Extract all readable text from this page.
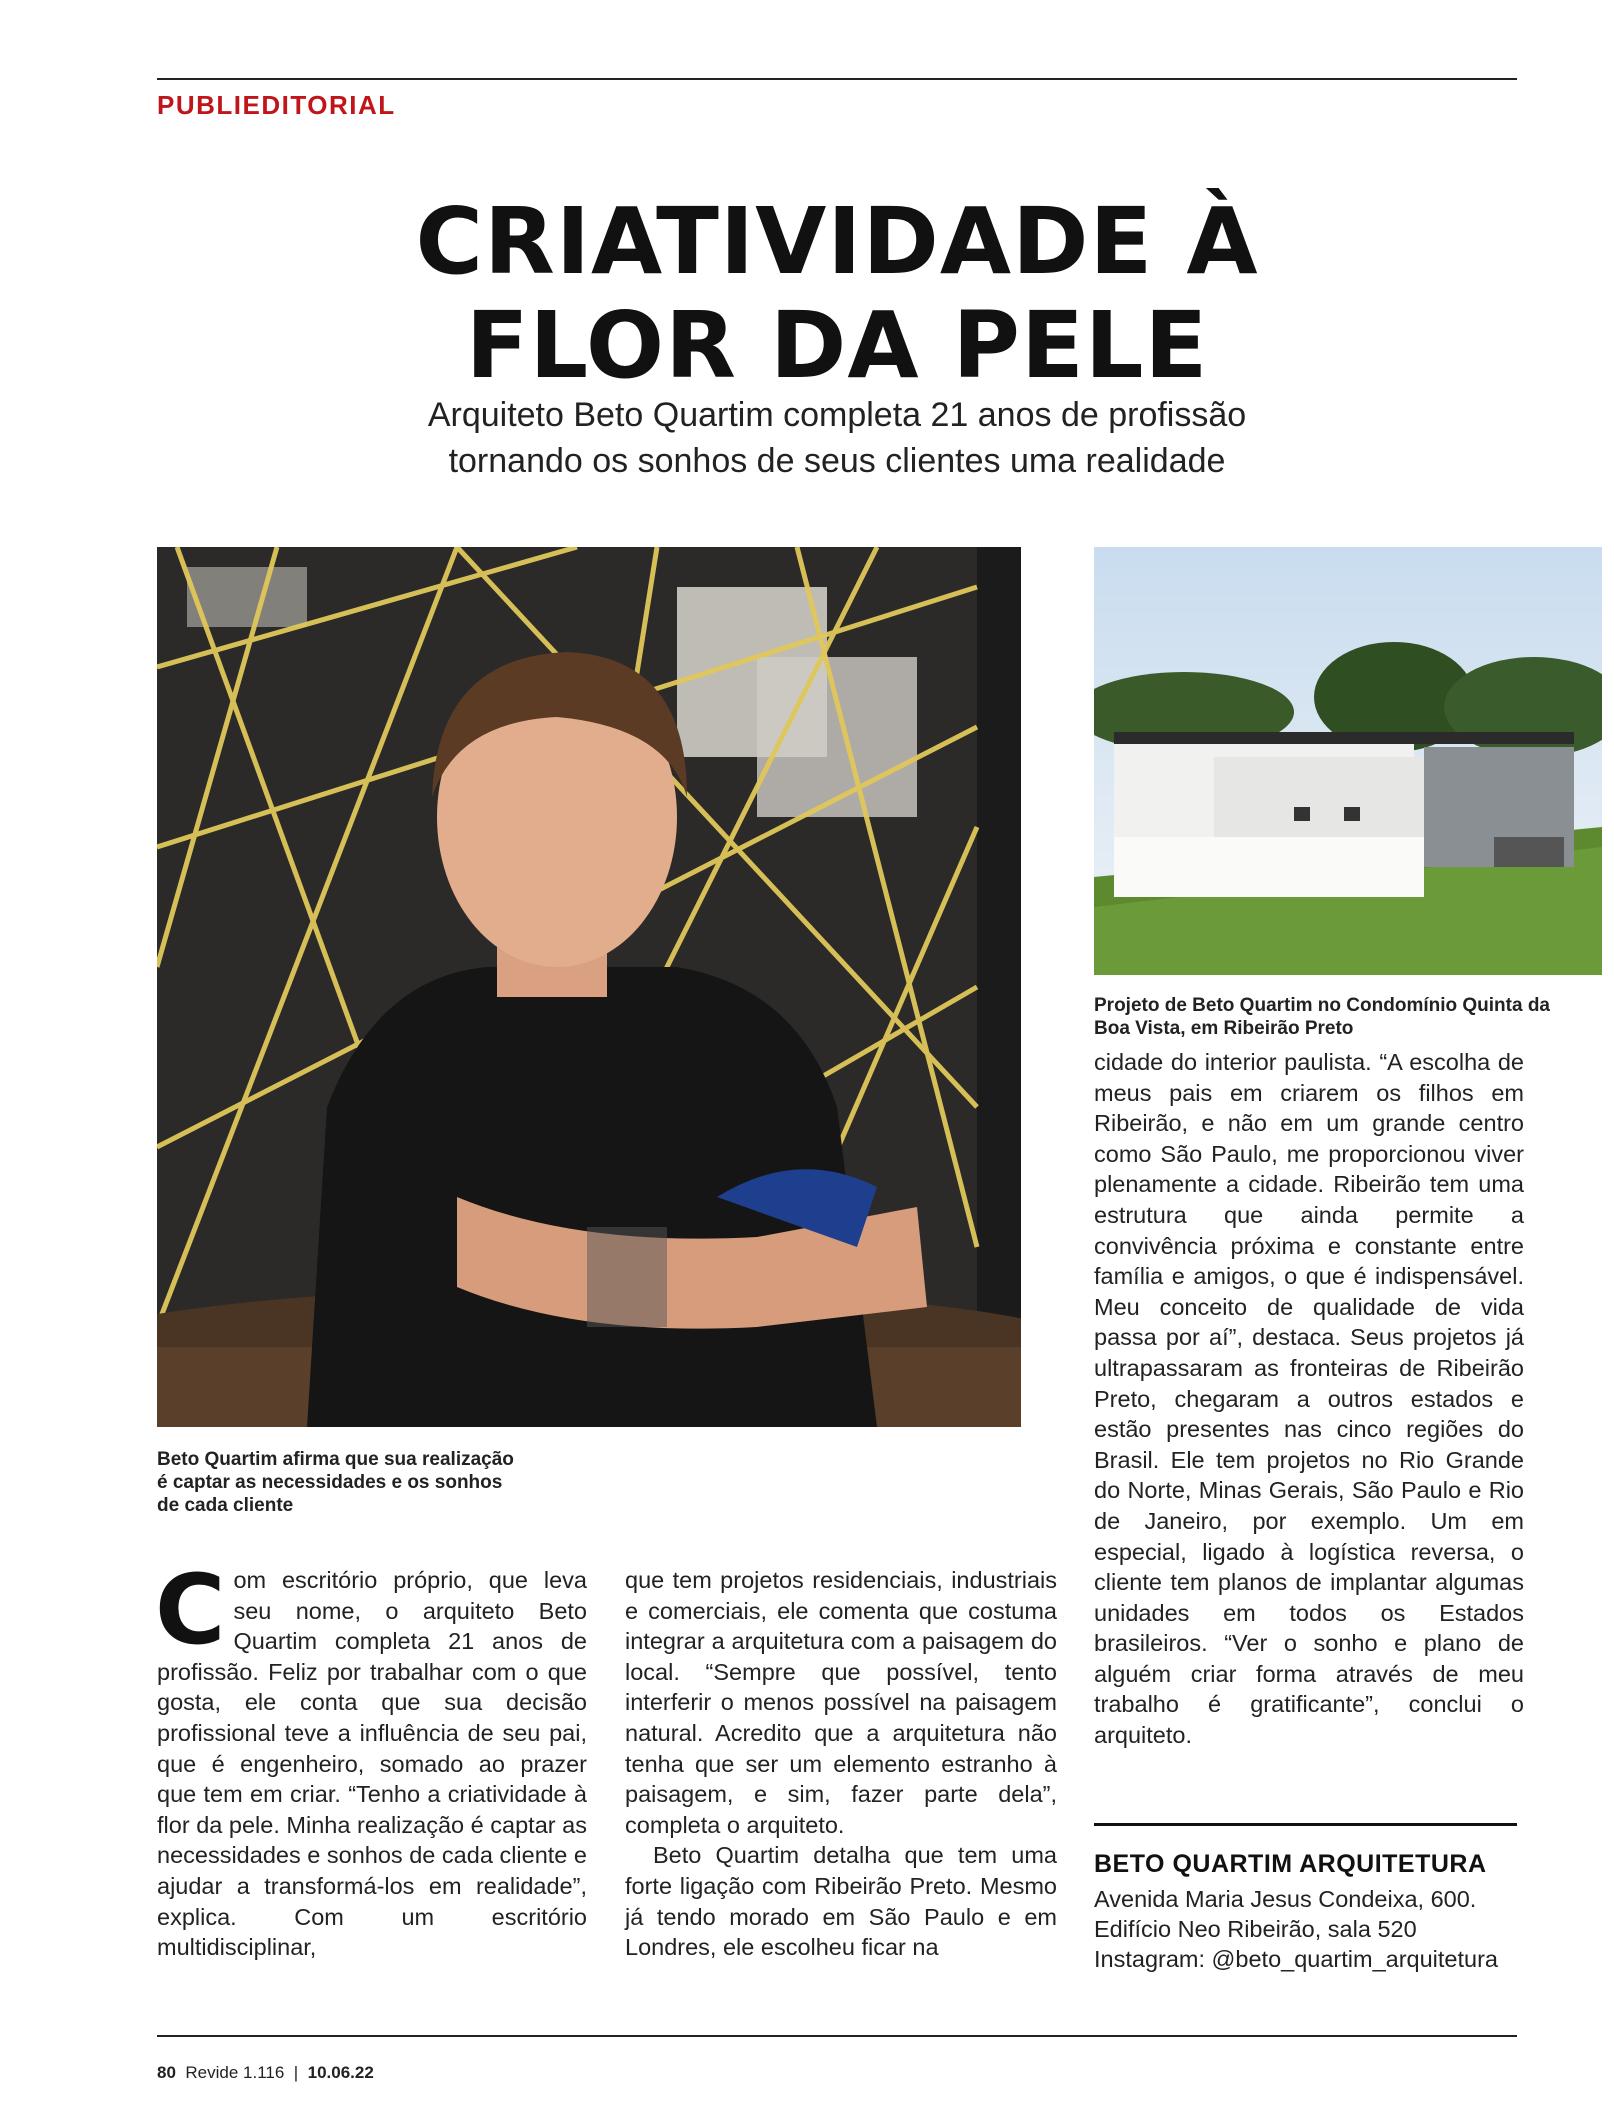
PUBLIEDITORIAL
CRIATIVIDADE À
FLOR DA PELE
Arquiteto Beto Quartim completa 21 anos de profissão
tornando os sonhos de seus clientes uma realidade
Projeto de Beto Quartim no Condomínio Quinta da Boa Vista, em Ribeirão Preto
Beto Quartim afirma que sua realização é captar as necessidades e os sonhos de cada cliente

Com escritório próprio, que leva seu nome, o arquiteto Beto Quartim completa 21 anos de profissão. Feliz por trabalhar com o que gosta, ele conta que sua decisão profissional teve a influência de seu pai, que é engenheiro, somado ao prazer que tem em criar. “Tenho a criatividade à flor da pele. Minha realização é captar as necessidades e sonhos de cada cliente e ajudar a transformá-los em realidade”, explica. Com um escritório multidisciplinar,

que tem projetos residenciais, industriais e comerciais, ele comenta que costuma integrar a arquitetura com a paisagem do local. “Sempre que possível, tento interferir o menos possível na paisagem natural. Acredito que a arquitetura não tenha que ser um elemento estranho à paisagem, e sim, fazer parte dela”, completa o arquiteto.

Beto Quartim detalha que tem uma forte ligação com Ribeirão Preto. Mesmo já tendo morado em São Paulo e em Londres, ele escolheu ficar na

cidade do interior paulista. “A escolha de meus pais em criarem os filhos em Ribeirão, e não em um grande centro como São Paulo, me proporcionou viver plenamente a cidade. Ribeirão tem uma estrutura que ainda permite a convivência próxima e constante entre família e amigos, o que é indispensável. Meu conceito de qualidade de vida passa por aí”, destaca. Seus projetos já ultrapassaram as fronteiras de Ribeirão Preto, chegaram a outros estados e estão presentes nas cinco regiões do Brasil. Ele tem projetos no Rio Grande do Norte, Minas Gerais, São Paulo e Rio de Janeiro, por exemplo. Um em especial, ligado à logística reversa, o cliente tem planos de implantar algumas unidades em todos os Estados brasileiros. “Ver o sonho e plano de alguém criar forma através de meu trabalho é gratificante”, conclui o arquiteto.

BETO QUARTIM ARQUITETURA
Avenida Maria Jesus Condeixa, 600.
Edifício Neo Ribeirão, sala 520
Instagram: @beto_quartim_arquitetura
80 Revide 1.116 | 10.06.22
